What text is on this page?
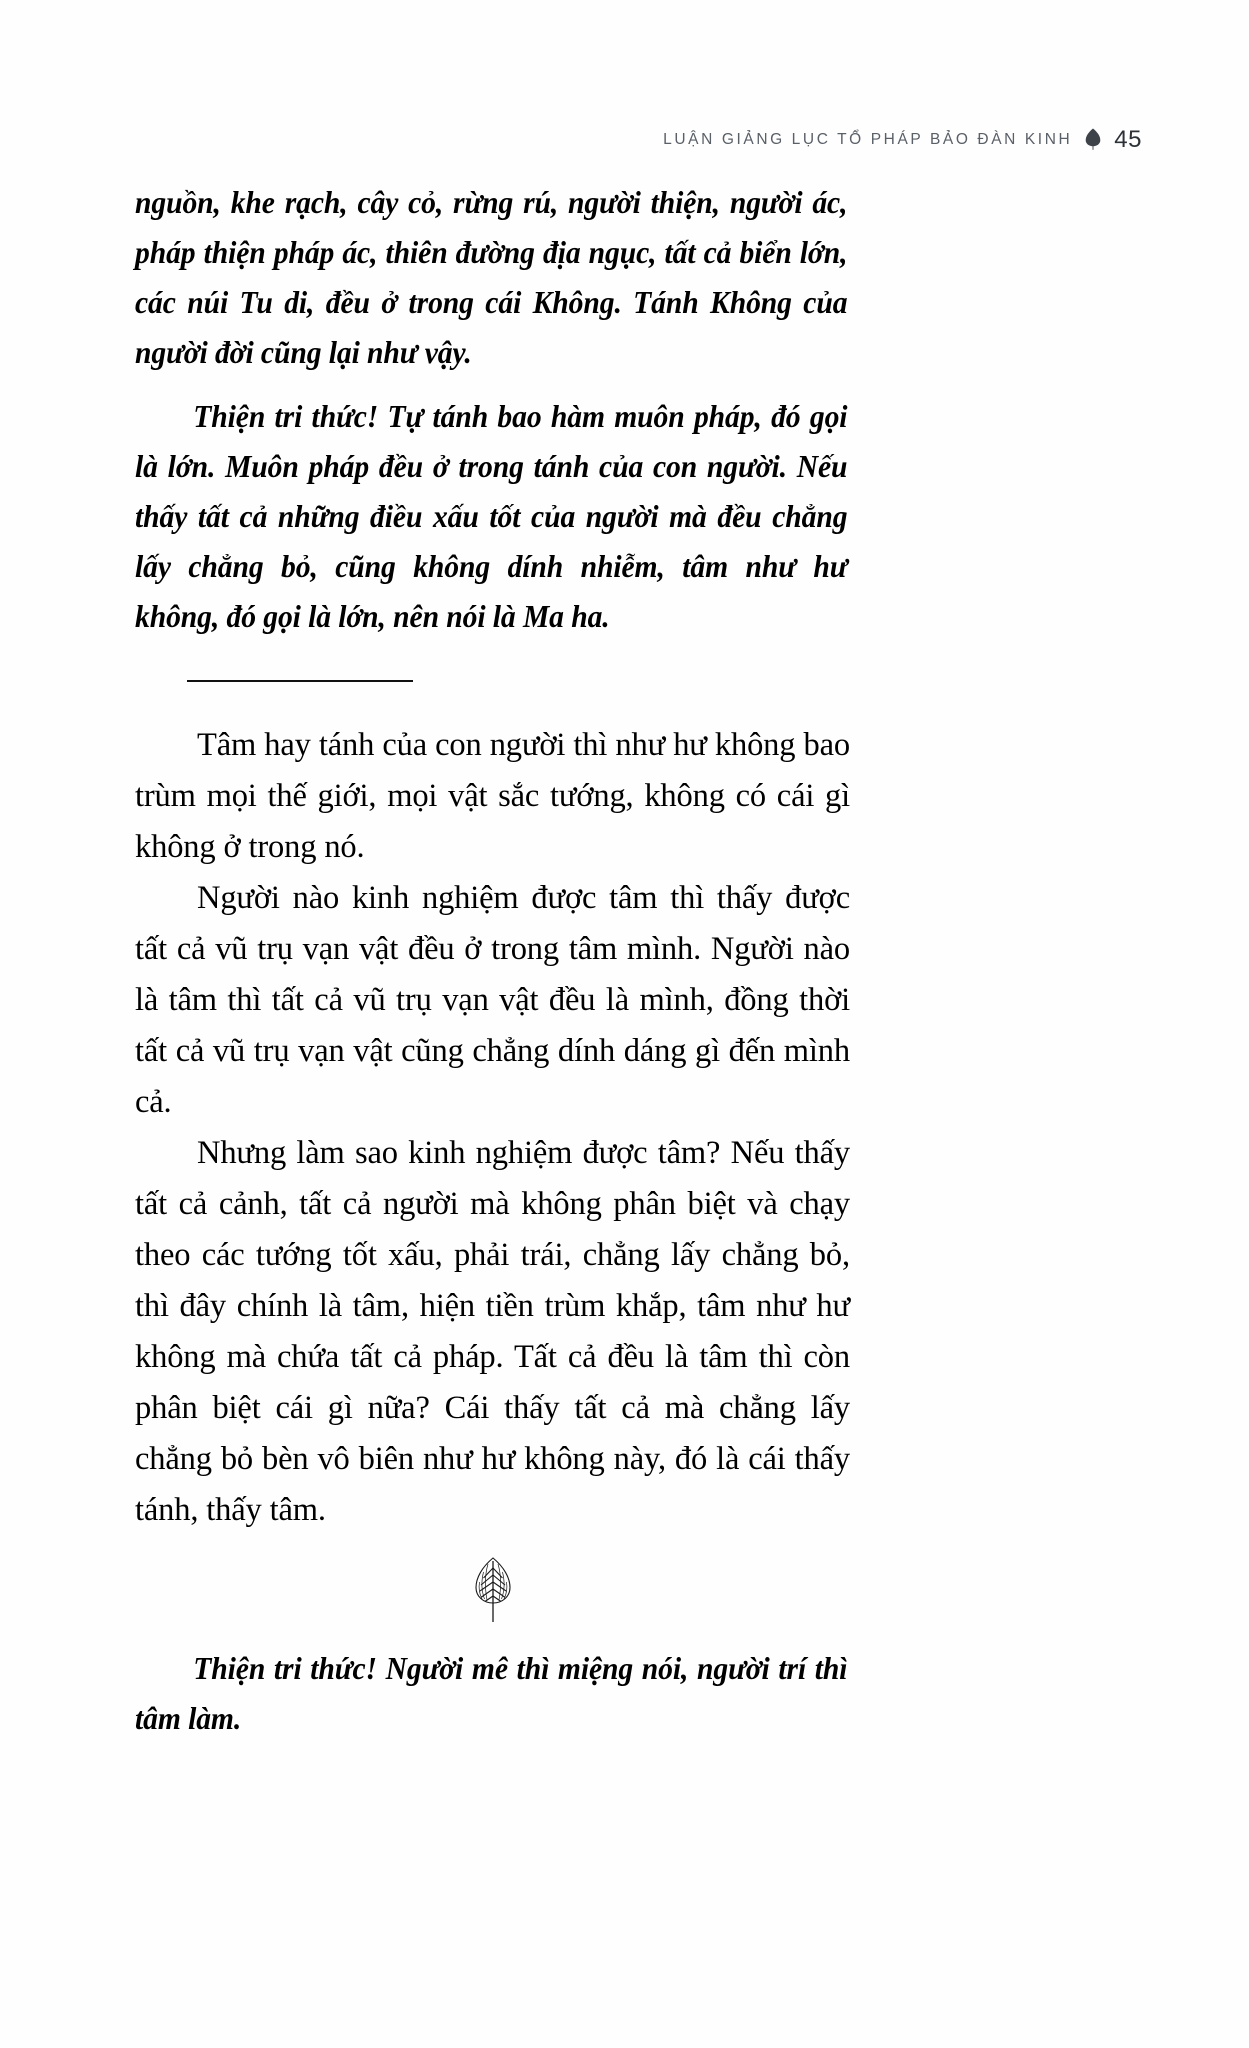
LUẬN GIẢNG LỤC TỔ PHÁP BẢO ĐÀN KINH 45

nguồn, khe rạch, cây cỏ, rừng rú, người thiện, người ác, pháp thiện pháp ác, thiên đường địa ngục, tất cả biển lớn, các núi Tu di, đều ở trong cái Không. Tánh Không của người đời cũng lại như vậy.

Thiện tri thức! Tự tánh bao hàm muôn pháp, đó gọi là lớn. Muôn pháp đều ở trong tánh của con người. Nếu thấy tất cả những điều xấu tốt của người mà đều chẳng lấy chẳng bỏ, cũng không dính nhiễm, tâm như hư không, đó gọi là lớn, nên nói là Ma ha.

Tâm hay tánh của con người thì như hư không bao trùm mọi thế giới, mọi vật sắc tướng, không có cái gì không ở trong nó.

Người nào kinh nghiệm được tâm thì thấy được tất cả vũ trụ vạn vật đều ở trong tâm mình. Người nào là tâm thì tất cả vũ trụ vạn vật đều là mình, đồng thời tất cả vũ trụ vạn vật cũng chẳng dính dáng gì đến mình cả.

Nhưng làm sao kinh nghiệm được tâm? Nếu thấy tất cả cảnh, tất cả người mà không phân biệt và chạy theo các tướng tốt xấu, phải trái, chẳng lấy chẳng bỏ, thì đây chính là tâm, hiện tiền trùm khắp, tâm như hư không mà chứa tất cả pháp. Tất cả đều là tâm thì còn phân biệt cái gì nữa? Cái thấy tất cả mà chẳng lấy chẳng bỏ bèn vô biên như hư không này, đó là cái thấy tánh, thấy tâm.

Thiện tri thức! Người mê thì miệng nói, người trí thì tâm làm.
